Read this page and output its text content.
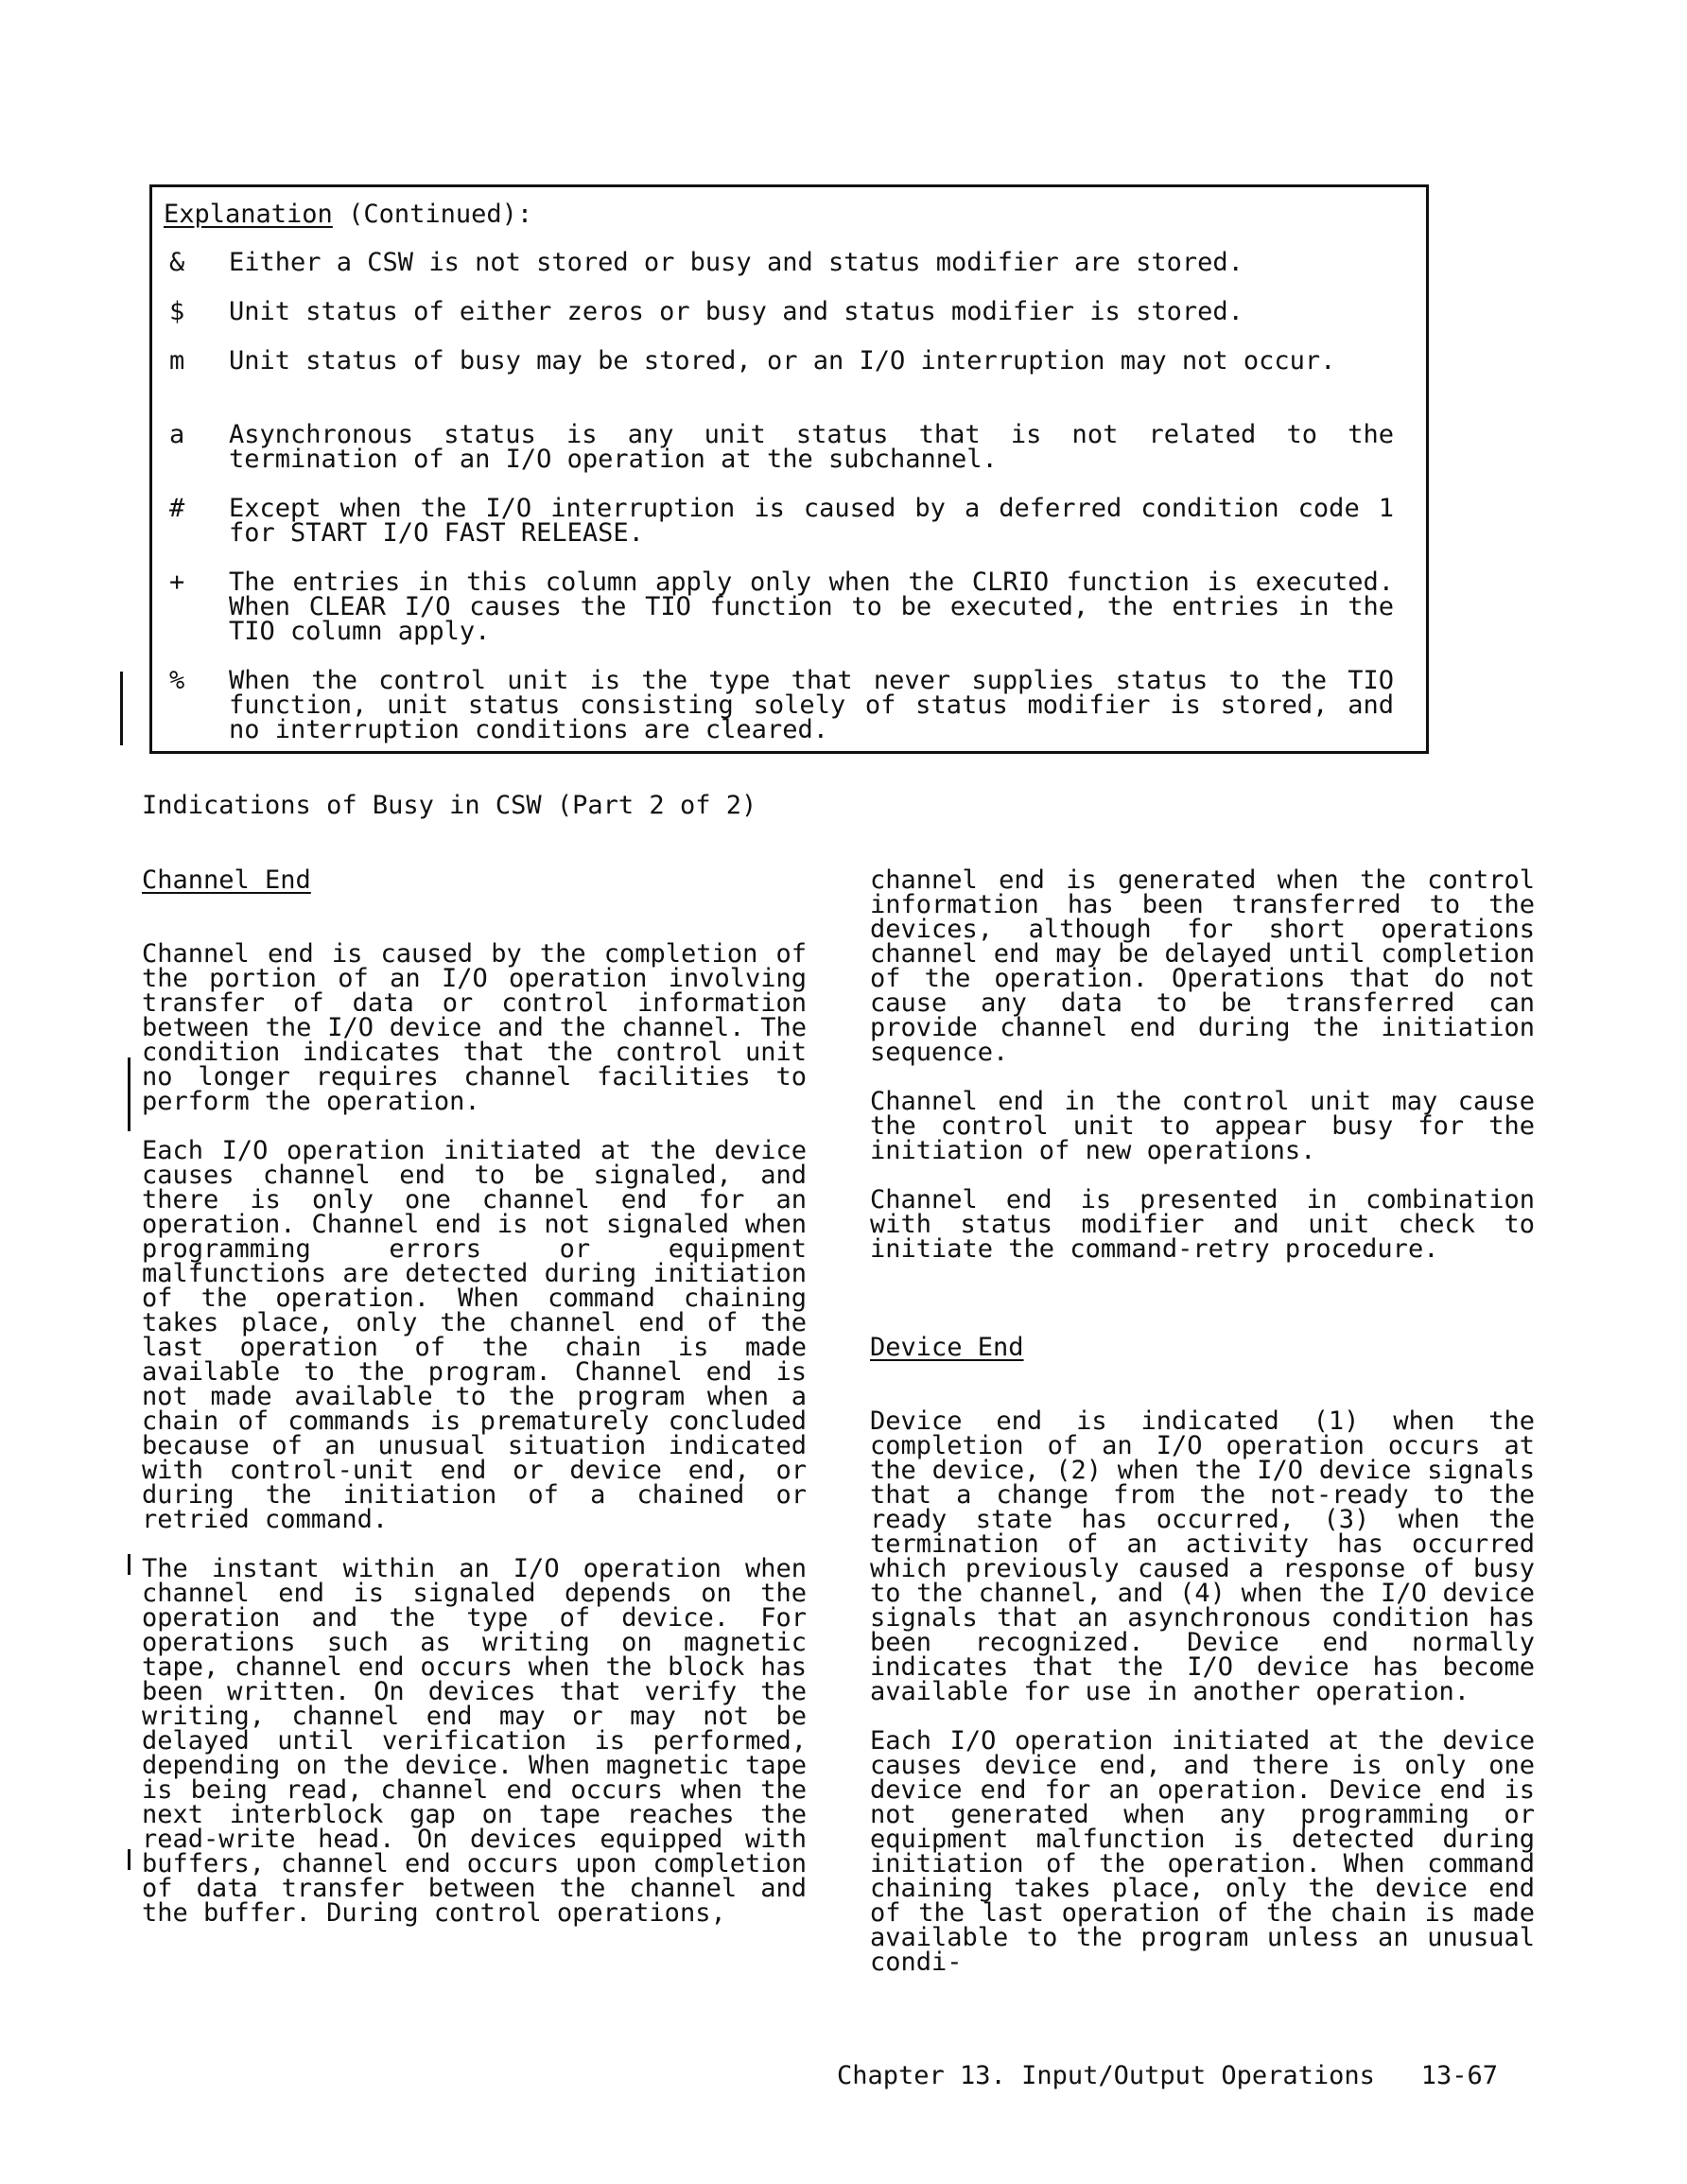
Explanation (Continued):
&	Either a CSW is not stored or busy and status modifier are stored.
$	Unit status of either zeros or busy and status modifier is stored.
m	Unit status of busy may be stored, or an I/O interruption may not occur.
a	Asynchronous status is any unit status that is not related to the termination of an I/O operation at the subchannel.
#	Except when the I/O interruption is caused by a deferred condition code 1 for START I/O FAST RELEASE.
+	The entries in this column apply only when the CLRIO function is executed. When CLEAR I/O causes the TIO function to be executed, the entries in the TIO column apply.
%	When the control unit is the type that never supplies status to the TIO function, unit status consisting solely of status modifier is stored, and no interruption conditions are cleared.
Indications of Busy in CSW (Part 2 of 2)
Channel End

Channel end is caused by the completion of the portion of an I/O operation involving transfer of data or control information between the I/O device and the channel. The condition indicates that the control unit no longer requires channel facilities to perform the operation.

Each I/O operation initiated at the device causes channel end to be signaled, and there is only one channel end for an operation. Channel end is not signaled when programming errors or equipment malfunctions are detected during initiation of the operation. When command chaining takes place, only the channel end of the last operation of the chain is made available to the program. Channel end is not made available to the program when a chain of commands is prematurely concluded because of an unusual situation indicated with control-unit end or device end, or during the initiation of a chained or retried command.

The instant within an I/O operation when channel end is signaled depends on the operation and the type of device. For operations such as writing on magnetic tape, channel end occurs when the block has been written. On devices that verify the writing, channel end may or may not be delayed until verification is performed, depending on the device. When magnetic tape is being read, channel end occurs when the next interblock gap on tape reaches the read-write head. On devices equipped with buffers, channel end occurs upon completion of data transfer between the channel and the buffer. During control operations,

channel end is generated when the control information has been transferred to the devices, although for short operations channel end may be delayed until completion of the operation. Operations that do not cause any data to be transferred can provide channel end during the initiation sequence.

Channel end in the control unit may cause the control unit to appear busy for the initiation of new operations.

Channel end is presented in combination with status modifier and unit check to initiate the command-retry procedure.

Device End

Device end is indicated (1) when the completion of an I/O operation occurs at the device, (2) when the I/O device signals that a change from the not-ready to the ready state has occurred, (3) when the termination of an activity has occurred which previously caused a response of busy to the channel, and (4) when the I/O device signals that an asynchronous condition has been recognized. Device end normally indicates that the I/O device has become available for use in another operation.

Each I/O operation initiated at the device causes device end, and there is only one device end for an operation. Device end is not generated when any programming or equipment malfunction is detected during initiation of the operation. When command chaining takes place, only the device end of the last operation of the chain is made available to the program unless an unusual condi-

Chapter 13. Input/Output Operations   13-67
